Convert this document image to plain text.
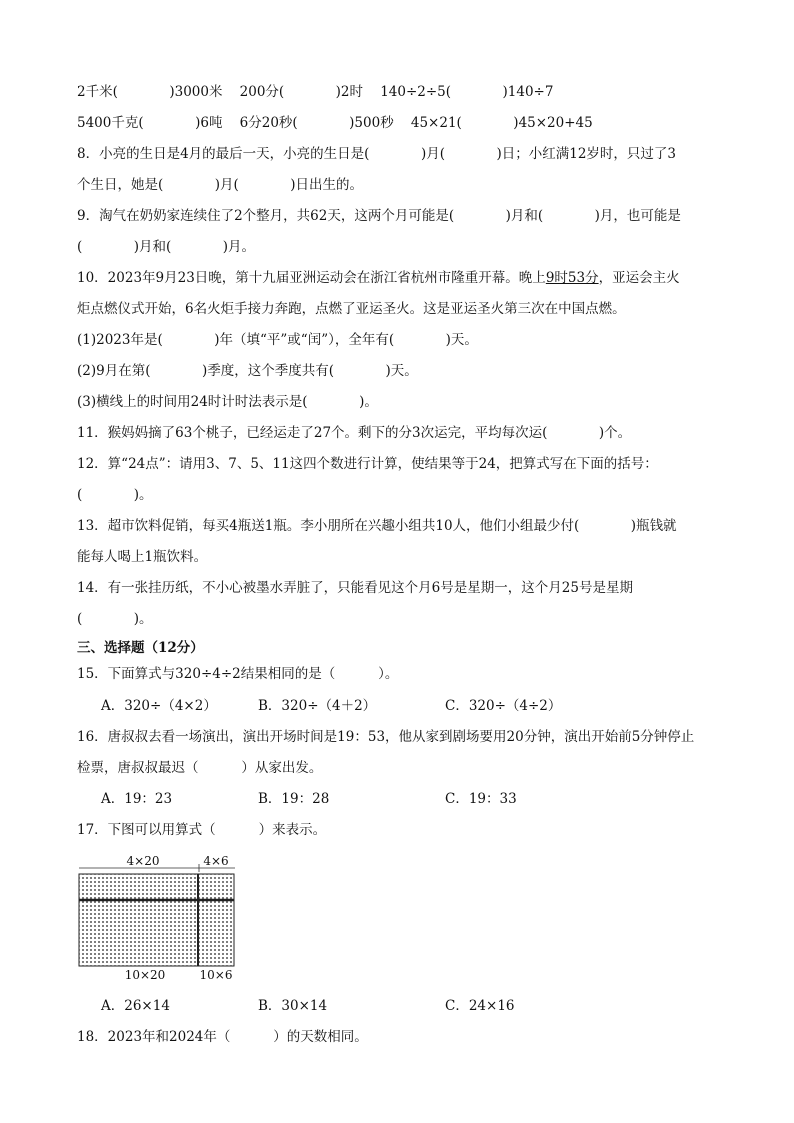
2千米(            )3000米    200分(            )2时    140÷2÷5(            )140÷7
5400千克(            )6吨    6分20秒(            )500秒    45×21(            )45×20+45
8．小亮的生日是4月的最后一天，小亮的生日是(            )月(            )日；小红满12岁时，只过了3
个生日，她是(            )月(            )日出生的。
9．淘气在奶奶家连续住了2个整月，共62天，这两个月可能是(            )月和(            )月，也可能是
(            )月和(            )月。
10．2023年9月23日晚，第十九届亚洲运动会在浙江省杭州市隆重开幕。晚上9时53分，亚运会主火
炬点燃仪式开始，6名火炬手接力奔跑，点燃了亚运圣火。这是亚运圣火第三次在中国点燃。
(1)2023年是(            )年（填“平”或“闰”），全年有(            )天。
(2)9月在第(            )季度，这个季度共有(            )天。
(3)横线上的时间用24时计时法表示是(            )。
11．猴妈妈摘了63个桃子，已经运走了27个。剩下的分3次运完，平均每次运(            )个。
12．算“24点”：请用3、7、5、11这四个数进行计算，使结果等于24，把算式写在下面的括号：
(            )。
13．超市饮料促销，每买4瓶送1瓶。李小朋所在兴趣小组共10人，他们小组最少付(            )瓶钱就
能每人喝上1瓶饮料。
14．有一张挂历纸，不小心被墨水弄脏了，只能看见这个月6号是星期一，这个月25号是星期
(            )。
三、选择题（12分）
15．下面算式与320÷4÷2结果相同的是（          ）。
A．320÷（4×2）	B．320÷（4＋2）	C．320÷（4÷2）
16．唐叔叔去看一场演出，演出开场时间是19：53，他从家到剧场要用20分钟，演出开始前5分钟停止
检票，唐叔叔最迟（          ）从家出发。
A．19：23	B．19：28	C．19：33
17．下图可以用算式（          ）来表示。
4×20	4×6
10×20	10×6
A．26×14	B．30×14	C．24×16
18．2023年和2024年（          ）的天数相同。
